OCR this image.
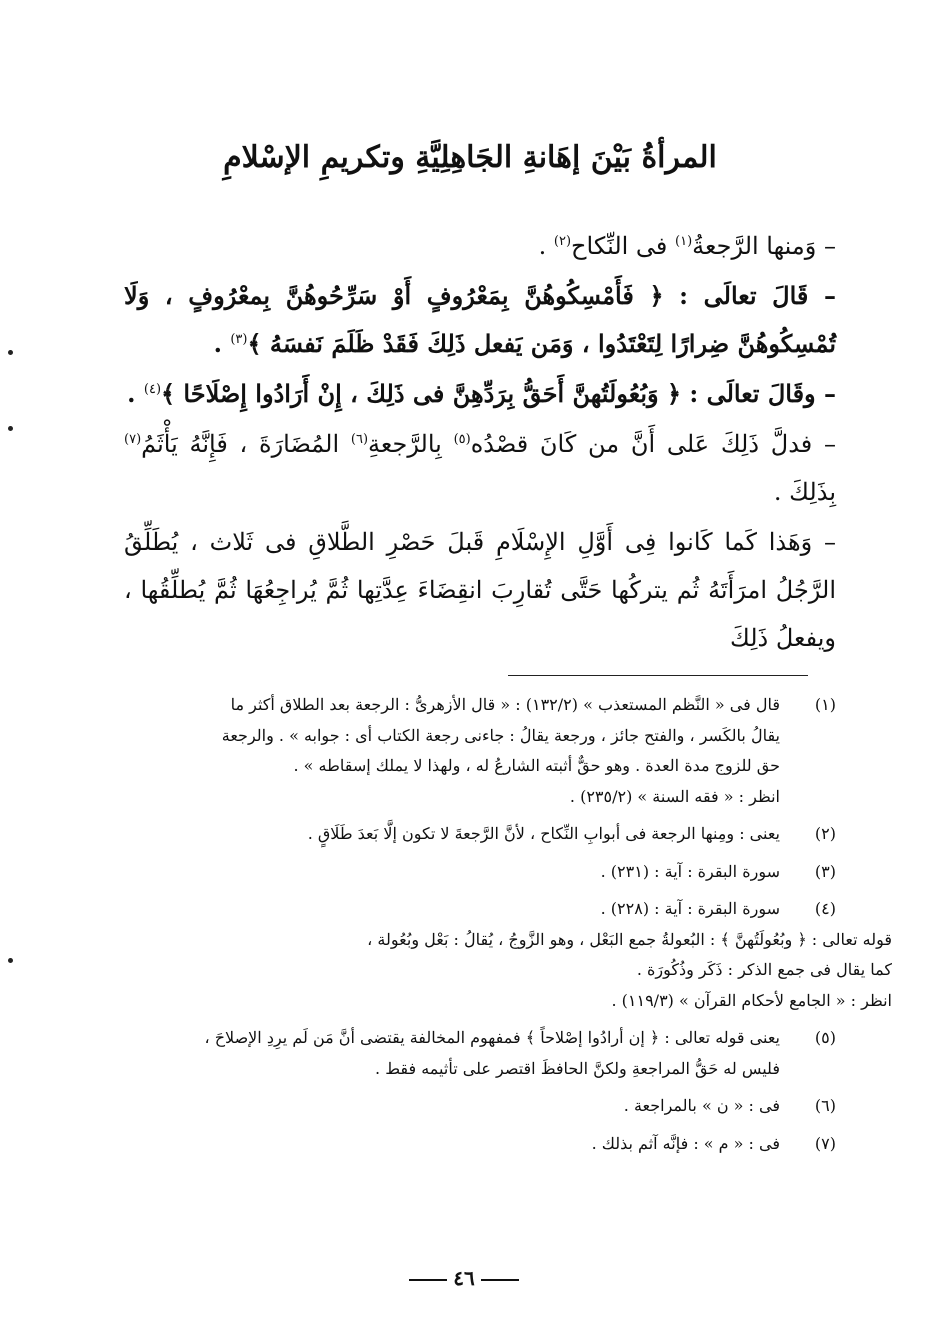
المرأةُ بَيْنَ إهَانةِ الجَاهِلِيَّةِ وتكريمِ الإسْلامِ

– وَمنها الرَّجعةُ$^{(١)}$ فى النِّكاح$^{(٢)}$ .

– قَالَ تعالَى : ﴿ فَأَمْسِكُوهُنَّ بِمَعْرُوفٍ أَوْ سَرِّحُوهُنَّ بِمعْرُوفٍ ، وَلَا تُمْسِكُوهُنَّ ضِرارًا لِتَعْتَدُوا ، وَمَن يَفعل ذَلِكَ فَقَدْ ظَلَمَ نَفسَهُ ﴾$^{(٣)}$ .

– وقَالَ تعالَى : ﴿ وَبُعُولَتُهنَّ أَحَقُّ بِرَدِّهِنَّ فى ذَلِكَ ، إِنْ أَرَادُوا إِصْلَاحًا ﴾$^{(٤)}$ .

– فدلَّ ذَلِكَ عَلى أَنَّ من كَانَ قصْدُه$^{(٥)}$ بِالرَّجعةِ$^{(٦)}$ المُضَارَةَ ، فَإِنَّهُ يَأْثَمُ$^{(٧)}$ بِذَلِكَ .

– وَهَذا كَما كَانوا فِى أَوَّلِ الإِسْلَامِ قَبلَ حَصْرِ الطَّلاقِ فى ثَلاث ، يُطَلِّقُ الرَّجُلُ امرَأَتَهُ ثُم يتركُها حَتَّى تُقارِبَ انقِضَاءَ عِدَّتِها ثُمَّ يُراجِعُهَا ثُمَّ يُطلِّقُها ، ويفعلُ ذَلِكَ

(١)
قال فى « النَّظم المستعذب » (١٣٢/٢) : « قال الأزهرىُّ : الرجعة بعد الطلاق أكثر ما
يقالُ بالكَسر ، والفتح جائز ، ورجعة يقالُ : جاءنى رجعة الكتاب أى : جوابه » . والرجعة
حق للزوج مدة العدة . وهو حقٌّ أثبته الشارعُ له ، ولهذا لا يملك إسقاطه » .
انظر : « فقه السنة » (٢٣٥/٢) .
(٢)
يعنى : ومِنها الرجعة فى أبوابِ النِّكاح ، لأنَّ الرَّجعةَ لا تكون إلَّا بَعدَ طَلَاقٍ .
(٣)
سورة البقرة : آية : (٢٣١) .
(٤)
سورة البقرة : آية : (٢٢٨) .
قوله تعالى : ﴿ وبُعُولَتُهنَّ ﴾ : البُعولةُ جمع البَعْل ، وهو الزَّوجُ ، يُقالُ : بَعْل وبُعُولة ،
كما يقال فى جمع الذكر : ذَكَر وذُكُورَة .
انظر : « الجامع لأحكام القرآن » (١١٩/٣) .
(٥)
يعنى قوله تعالى : ﴿ إن أرادُوا إصْلاحاً ﴾ فمفهوم المخالفة يقتضى أنَّ مَن لَم يرِدِ الإصلاحَ ،
فليس له حَقُّ المراجعةِ ولكنَّ الحافظَ اقتصر على تأثيمه فقط .
(٦)
فى : « ن » بالمراجعة .
(٧)
فى : « م » : فإنَّه آثم بذلك .
٤٦
